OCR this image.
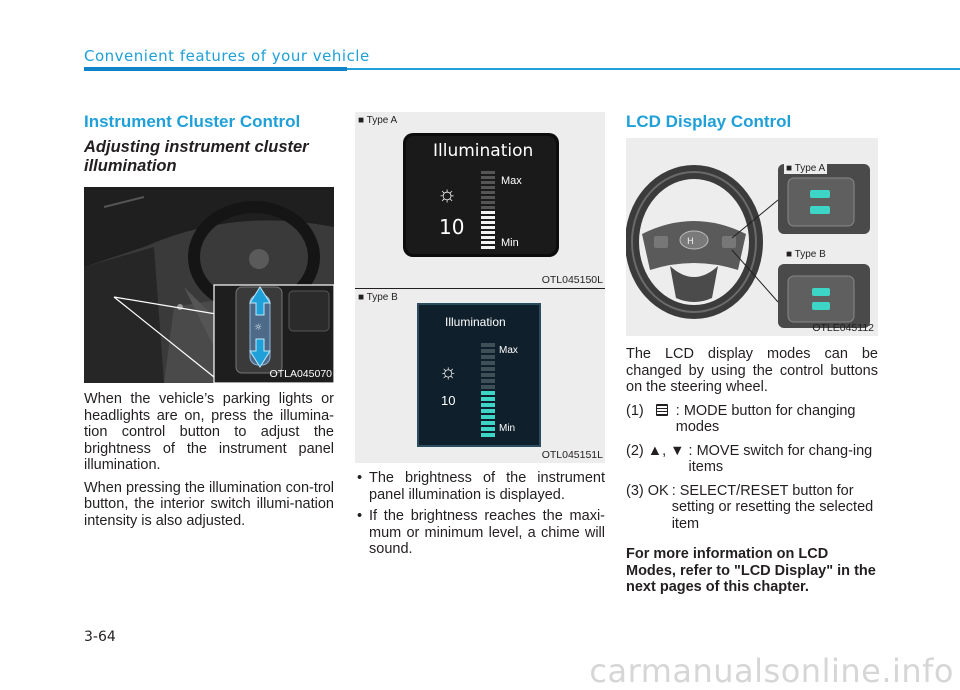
Convenient features of your vehicle
Instrument Cluster Control
Adjusting instrument cluster illumination
☼
OTLA045070
When the vehicle’s parking lights or headlights are on, press the illumina-tion control button to adjust the brightness of the instrument panel illumination.
When pressing the illumination con-trol button, the interior switch illumi-nation intensity is also adjusted.
■ Type A
Illumination
☼
10
Max
Min
OTL045150L
■ Type B
Illumination
☼
10
Max
Min
OTL045151L
• The brightness of the instrument panel illumination is displayed.
• If the brightness reaches the maxi-mum or minimum level, a chime will sound.
LCD Display Control
H
■ Type A
■ Type B
OTLE045112
The LCD display modes can be changed by using the control buttons on the steering wheel.
(1)	: MODE button for changing modes
(2) ▲, ▼ : MOVE switch for chang-ing items
(3) OK : SELECT/RESET button for setting or resetting the selected item
For more information on LCD Modes, refer to "LCD Display" in the next pages of this chapter.
3-64
carmanualsonline.info
